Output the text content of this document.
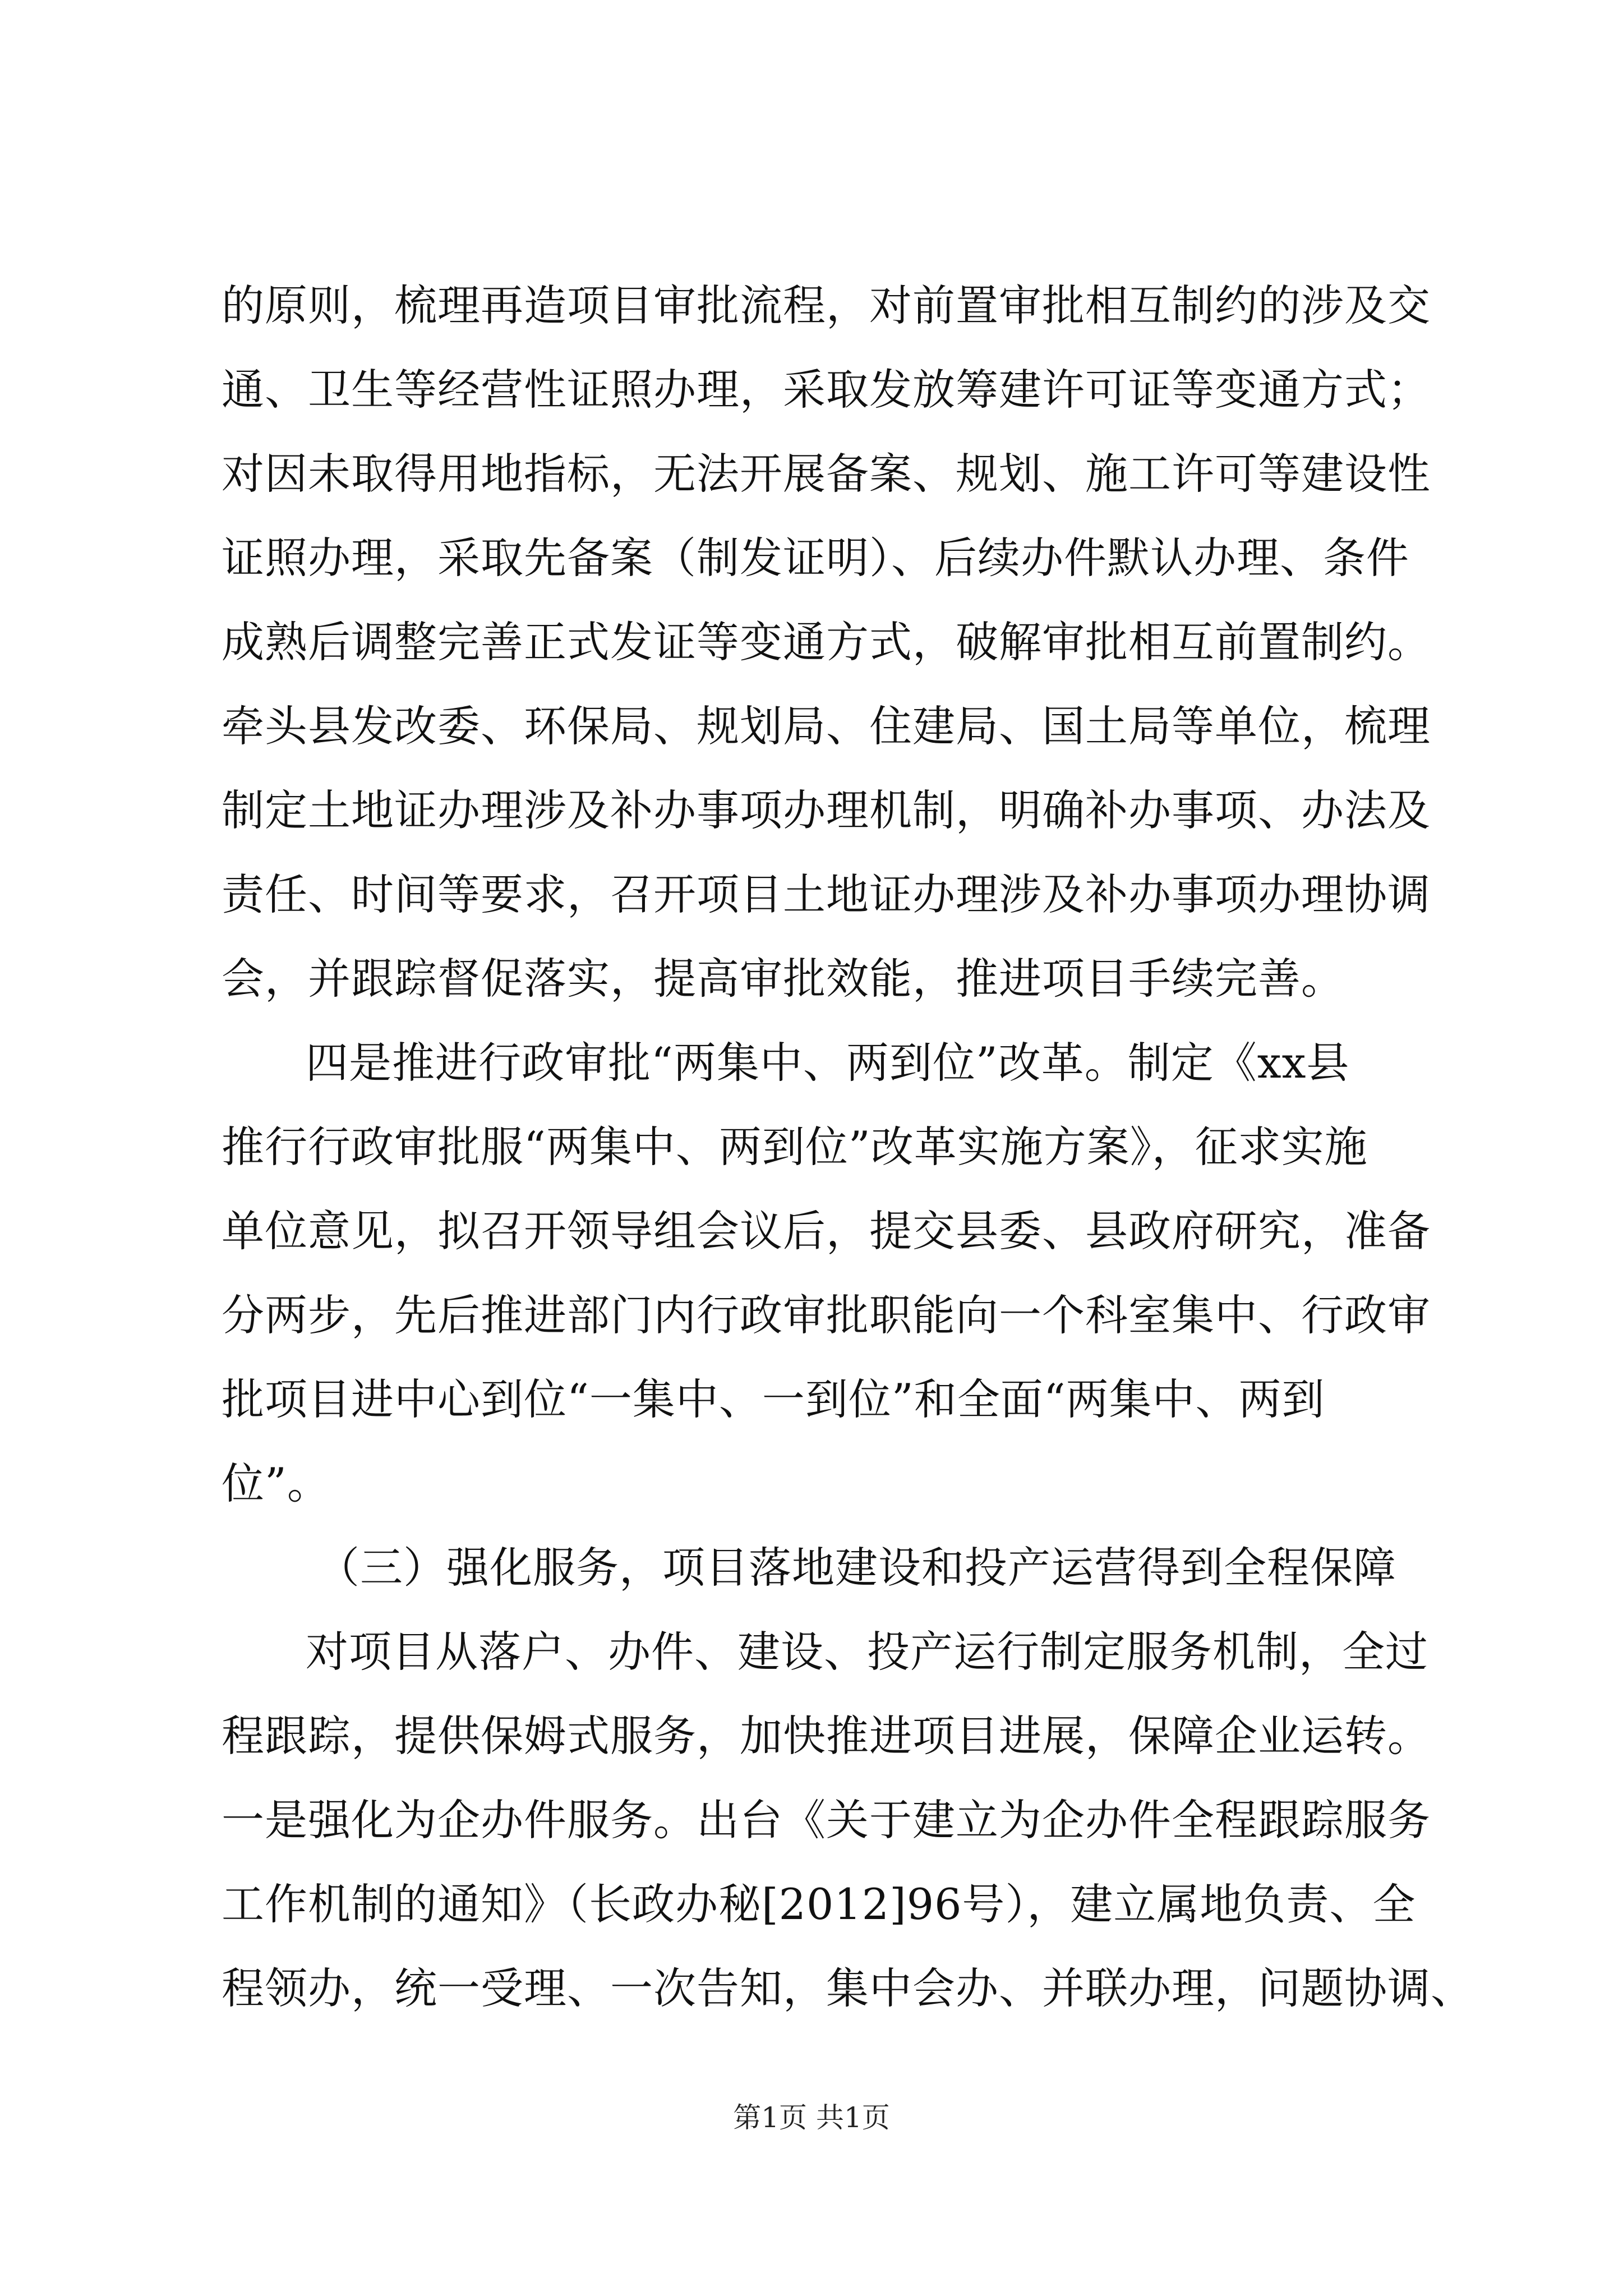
的原则，梳理再造项目审批流程，对前置审批相互制约的涉及交
通、卫生等经营性证照办理，采取发放筹建许可证等变通方式；
对因未取得用地指标，无法开展备案、规划、施工许可等建设性
证照办理，采取先备案（制发证明）、后续办件默认办理、条件
成熟后调整完善正式发证等变通方式，破解审批相互前置制约。
牵头县发改委、环保局、规划局、住建局、国土局等单位，梳理
制定土地证办理涉及补办事项办理机制，明确补办事项、办法及
责任、时间等要求，召开项目土地证办理涉及补办事项办理协调
会，并跟踪督促落实，提高审批效能，推进项目手续完善。
四是推进行政审批“两集中、两到位”改革。制定《xx县
推行行政审批服“两集中、两到位”改革实施方案》，征求实施
单位意见，拟召开领导组会议后，提交县委、县政府研究，准备
分两步，先后推进部门内行政审批职能向一个科室集中、行政审
批项目进中心到位“一集中、一到位”和全面“两集中、两到
位”。
（三）强化服务，项目落地建设和投产运营得到全程保障
对项目从落户、办件、建设、投产运行制定服务机制，全过
程跟踪，提供保姆式服务，加快推进项目进展，保障企业运转。
一是强化为企办件服务。出台《关于建立为企办件全程跟踪服务
工作机制的通知》（长政办秘[2012]96号），建立属地负责、全
程领办，统一受理、一次告知，集中会办、并联办理，问题协调、
第1页 共1页
